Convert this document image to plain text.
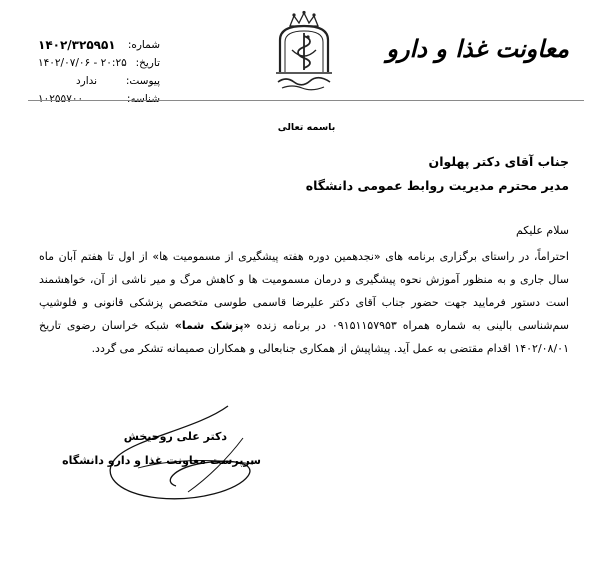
شماره:
۱۴۰۲/۳۲۵۹۵۱
تاریخ:
۱۴۰۲/۰۷/۰۶ - ۲۰:۲۵
پیوست:
ندارد
شناسه:
۱۰۲۵۵۷۰۰
معاونت غذا و دارو
باسمه تعالی
جناب آقای دکتر پهلوان
مدیر محترم مدیریت روابط عمومی دانشگاه
سلام علیکم

احتراماً، در راستای برگزاری برنامه های «نجدهمین دوره هفته پیشگیری از مسمومیت ها» از اول تا هفتم آبان ماه سال جاری و به منظور آموزش نحوه پیشگیری و درمان مسمومیت ها و کاهش مرگ و میر ناشی از آن، خواهشمند است دستور فرمایید جهت حضور جناب آقای دکتر علیرضا قاسمی طوسی متخصص پزشکی قانونی و فلوشیپ سم‌شناسی بالینی به شماره همراه ۰۹۱۵۱۱۵۷۹۵۳ در برنامه زنده «پزشک شما» شبکه خراسان رضوی تاریخ ۱۴۰۲/۰۸/۰۱ اقدام مقتضی به عمل آید. پیشاپیش از همکاری جنابعالی و همکاران صمیمانه تشکر می گردد.

دکتر علی روحیخش
سرپرست معاونت غذا و دارو دانشگاه
